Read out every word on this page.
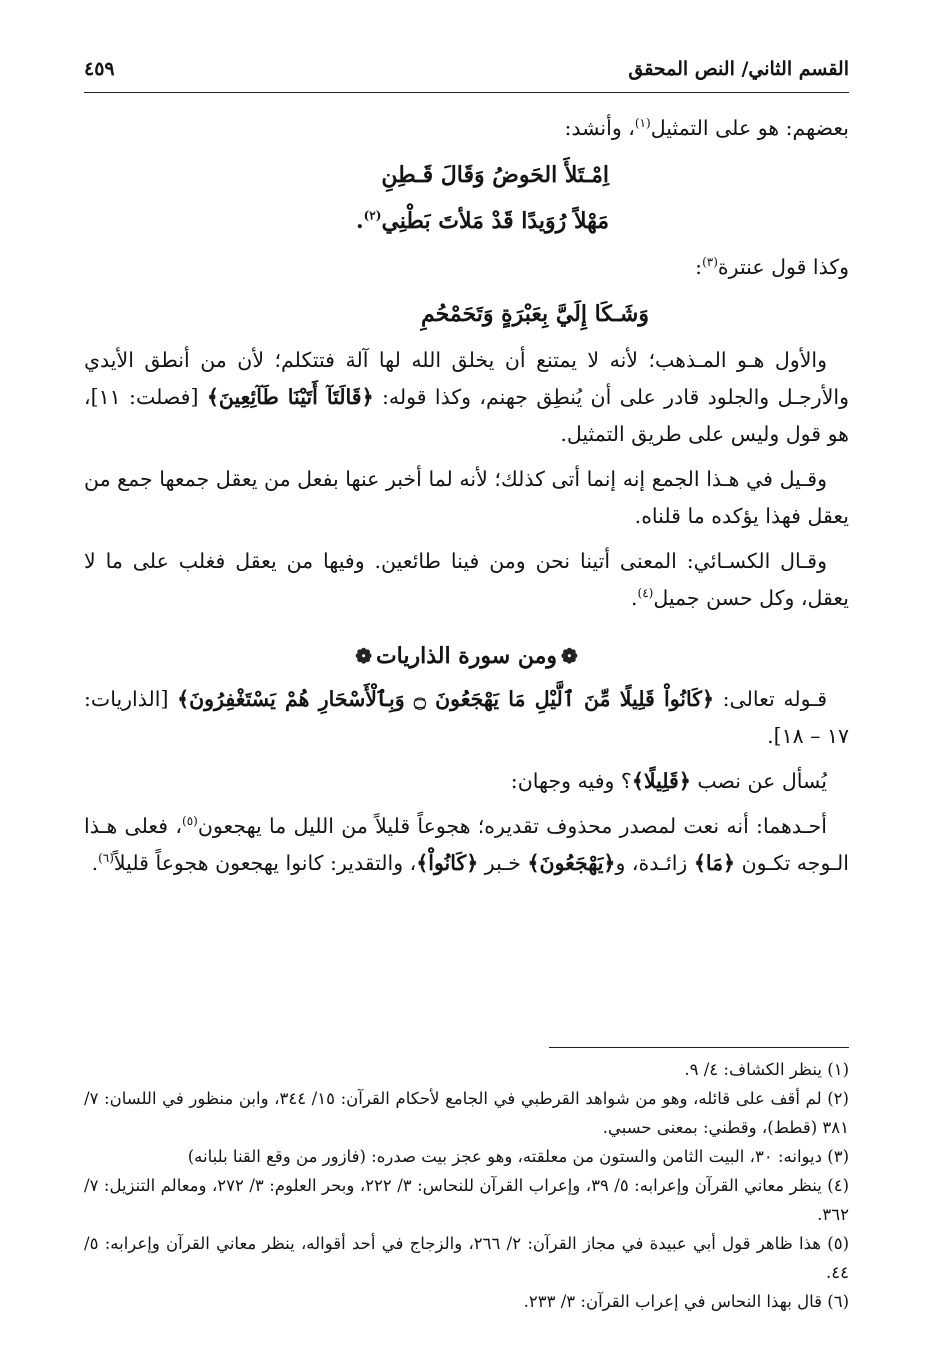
القسم الثاني/ النص المحقق
٤٥٩

بعضهم: هو على التمثيل$^{(١)}$، وأنشد:

اِمْـتَلأَ الحَوضُ وَقَالَ قَـطِنِ
مَهْلاً رُوَيدًا قَدْ مَلأتَ بَطْنِي$^{(٢)}$.

وكذا قول عنترة$^{(٣)}$:

وَشَـكَا إِلَيَّ بِعَبْرَةٍ وَتَحَمْحُمِ

والأول هـو المـذهب؛ لأنه لا يمتنع أن يخلق الله لها آلة فتتكلم؛ لأن من أنطق الأيدي والأرجـل والجلود قادر على أن يُنطِق جهنم، وكذا قوله: ﴿قَالَتَآ أَتَيْنَا طَآئِعِينَ﴾ [فصلت: ١١]، هو قول وليس على طريق التمثيل.

وقـيل في هـذا الجمع إنه إنما أتى كذلك؛ لأنه لما أخبر عنها بفعل من يعقل جمعها جمع من يعقل فهذا يؤكده ما قلناه.

وقـال الكسـائي: المعنى أتينا نحن ومن فينا طائعين. وفيها من يعقل فغلب على ما لا يعقل، وكل حسن جميل$^{(٤)}$.

❁ومن سورة الذاريات❁

قـوله تعالى: ﴿كَانُواْ قَلِيلًا مِّنَ ٱلَّيْلِ مَا يَهْجَعُونَ ۝ وَبِٱلْأَسْحَارِ هُمْ يَسْتَغْفِرُونَ﴾ [الذاريات: ١٧ – ١٨].

يُسأل عن نصب ﴿قَلِيلًا﴾؟ وفيه وجهان:

أحـدهما: أنه نعت لمصدر محذوف تقديره؛ هجوعاً قليلاً من الليل ما يهجعون$^{(٥)}$، فعلى هـذا الـوجه تكـون ﴿مَا﴾ زائـدة، و﴿يَهْجَعُونَ﴾ خـبر ﴿كَانُواْ﴾، والتقدير: كانوا يهجعون هجوعاً قليلاً$^{(٦)}$.

(١) ينظر الكشاف: ٤/ ٩.

(٢) لم أقف على قائله، وهو من شواهد القرطبي في الجامع لأحكام القرآن: ١٥/ ٣٤٤، وابن منظور في اللسان: ٧/ ٣٨١ (قطط)، وقطني: بمعنى حسبي.

(٣) ديوانه: ٣٠، البيت الثامن والستون من معلقته، وهو عجز بيت صدره: (فازور من وقع القنا بلبانه)

(٤) ينظر معاني القرآن وإعرابه: ٥/ ٣٩، وإعراب القرآن للنحاس: ٣/ ٢٢٢، وبحر العلوم: ٣/ ٢٧٢، ومعالم التنزيل: ٧/ ٣٦٢.

(٥) هذا ظاهر قول أبي عبيدة في مجاز القرآن: ٢/ ٢٦٦، والزجاج في أحد أقواله، ينظر معاني القرآن وإعرابه: ٥/ ٤٤.

(٦) قال بهذا النحاس في إعراب القرآن: ٣/ ٢٣٣.
